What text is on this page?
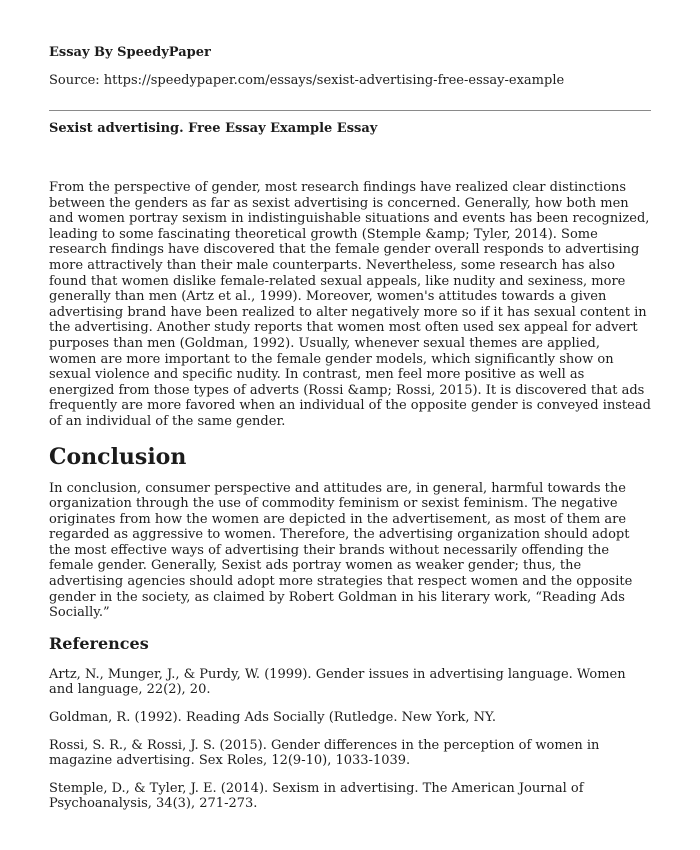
Essay By SpeedyPaper
Source: https://speedypaper.com/essays/sexist-advertising-free-essay-example
Sexist advertising. Free Essay Example Essay

From the perspective of gender, most research findings have realized clear distinctions between the genders as far as sexist advertising is concerned. Generally, how both men and women portray sexism in indistinguishable situations and events has been recognized, leading to some fascinating theoretical growth (Stemple &amp; Tyler, 2014). Some research findings have discovered that the female gender overall responds to advertising more attractively than their male counterparts. Nevertheless, some research has also found that women dislike female-related sexual appeals, like nudity and sexiness, more generally than men (Artz et al., 1999). Moreover, women's attitudes towards a given advertising brand have been realized to alter negatively more so if it has sexual content in the advertising. Another study reports that women most often used sex appeal for advert purposes than men (Goldman, 1992). Usually, whenever sexual themes are applied, women are more important to the female gender models, which significantly show on sexual violence and specific nudity. In contrast, men feel more positive as well as energized from those types of adverts (Rossi &amp; Rossi, 2015). It is discovered that ads frequently are more favored when an individual of the opposite gender is conveyed instead of an individual of the same gender.

Conclusion

In conclusion, consumer perspective and attitudes are, in general, harmful towards the organization through the use of commodity feminism or sexist feminism. The negative originates from how the women are depicted in the advertisement, as most of them are regarded as aggressive to women. Therefore, the advertising organization should adopt the most effective ways of advertising their brands without necessarily offending the female gender. Generally, Sexist ads portray women as weaker gender; thus, the advertising agencies should adopt more strategies that respect women and the opposite gender in the society, as claimed by Robert Goldman in his literary work, “Reading Ads Socially.”

References
Artz, N., Munger, J., & Purdy, W. (1999). Gender issues in advertising language. Women and language, 22(2), 20.
Goldman, R. (1992). Reading Ads Socially (Rutledge. New York, NY.
Rossi, S. R., & Rossi, J. S. (2015). Gender differences in the perception of women in magazine advertising. Sex Roles, 12(9-10), 1033-1039.
Stemple, D., & Tyler, J. E. (2014). Sexism in advertising. The American Journal of Psychoanalysis, 34(3), 271-273.
